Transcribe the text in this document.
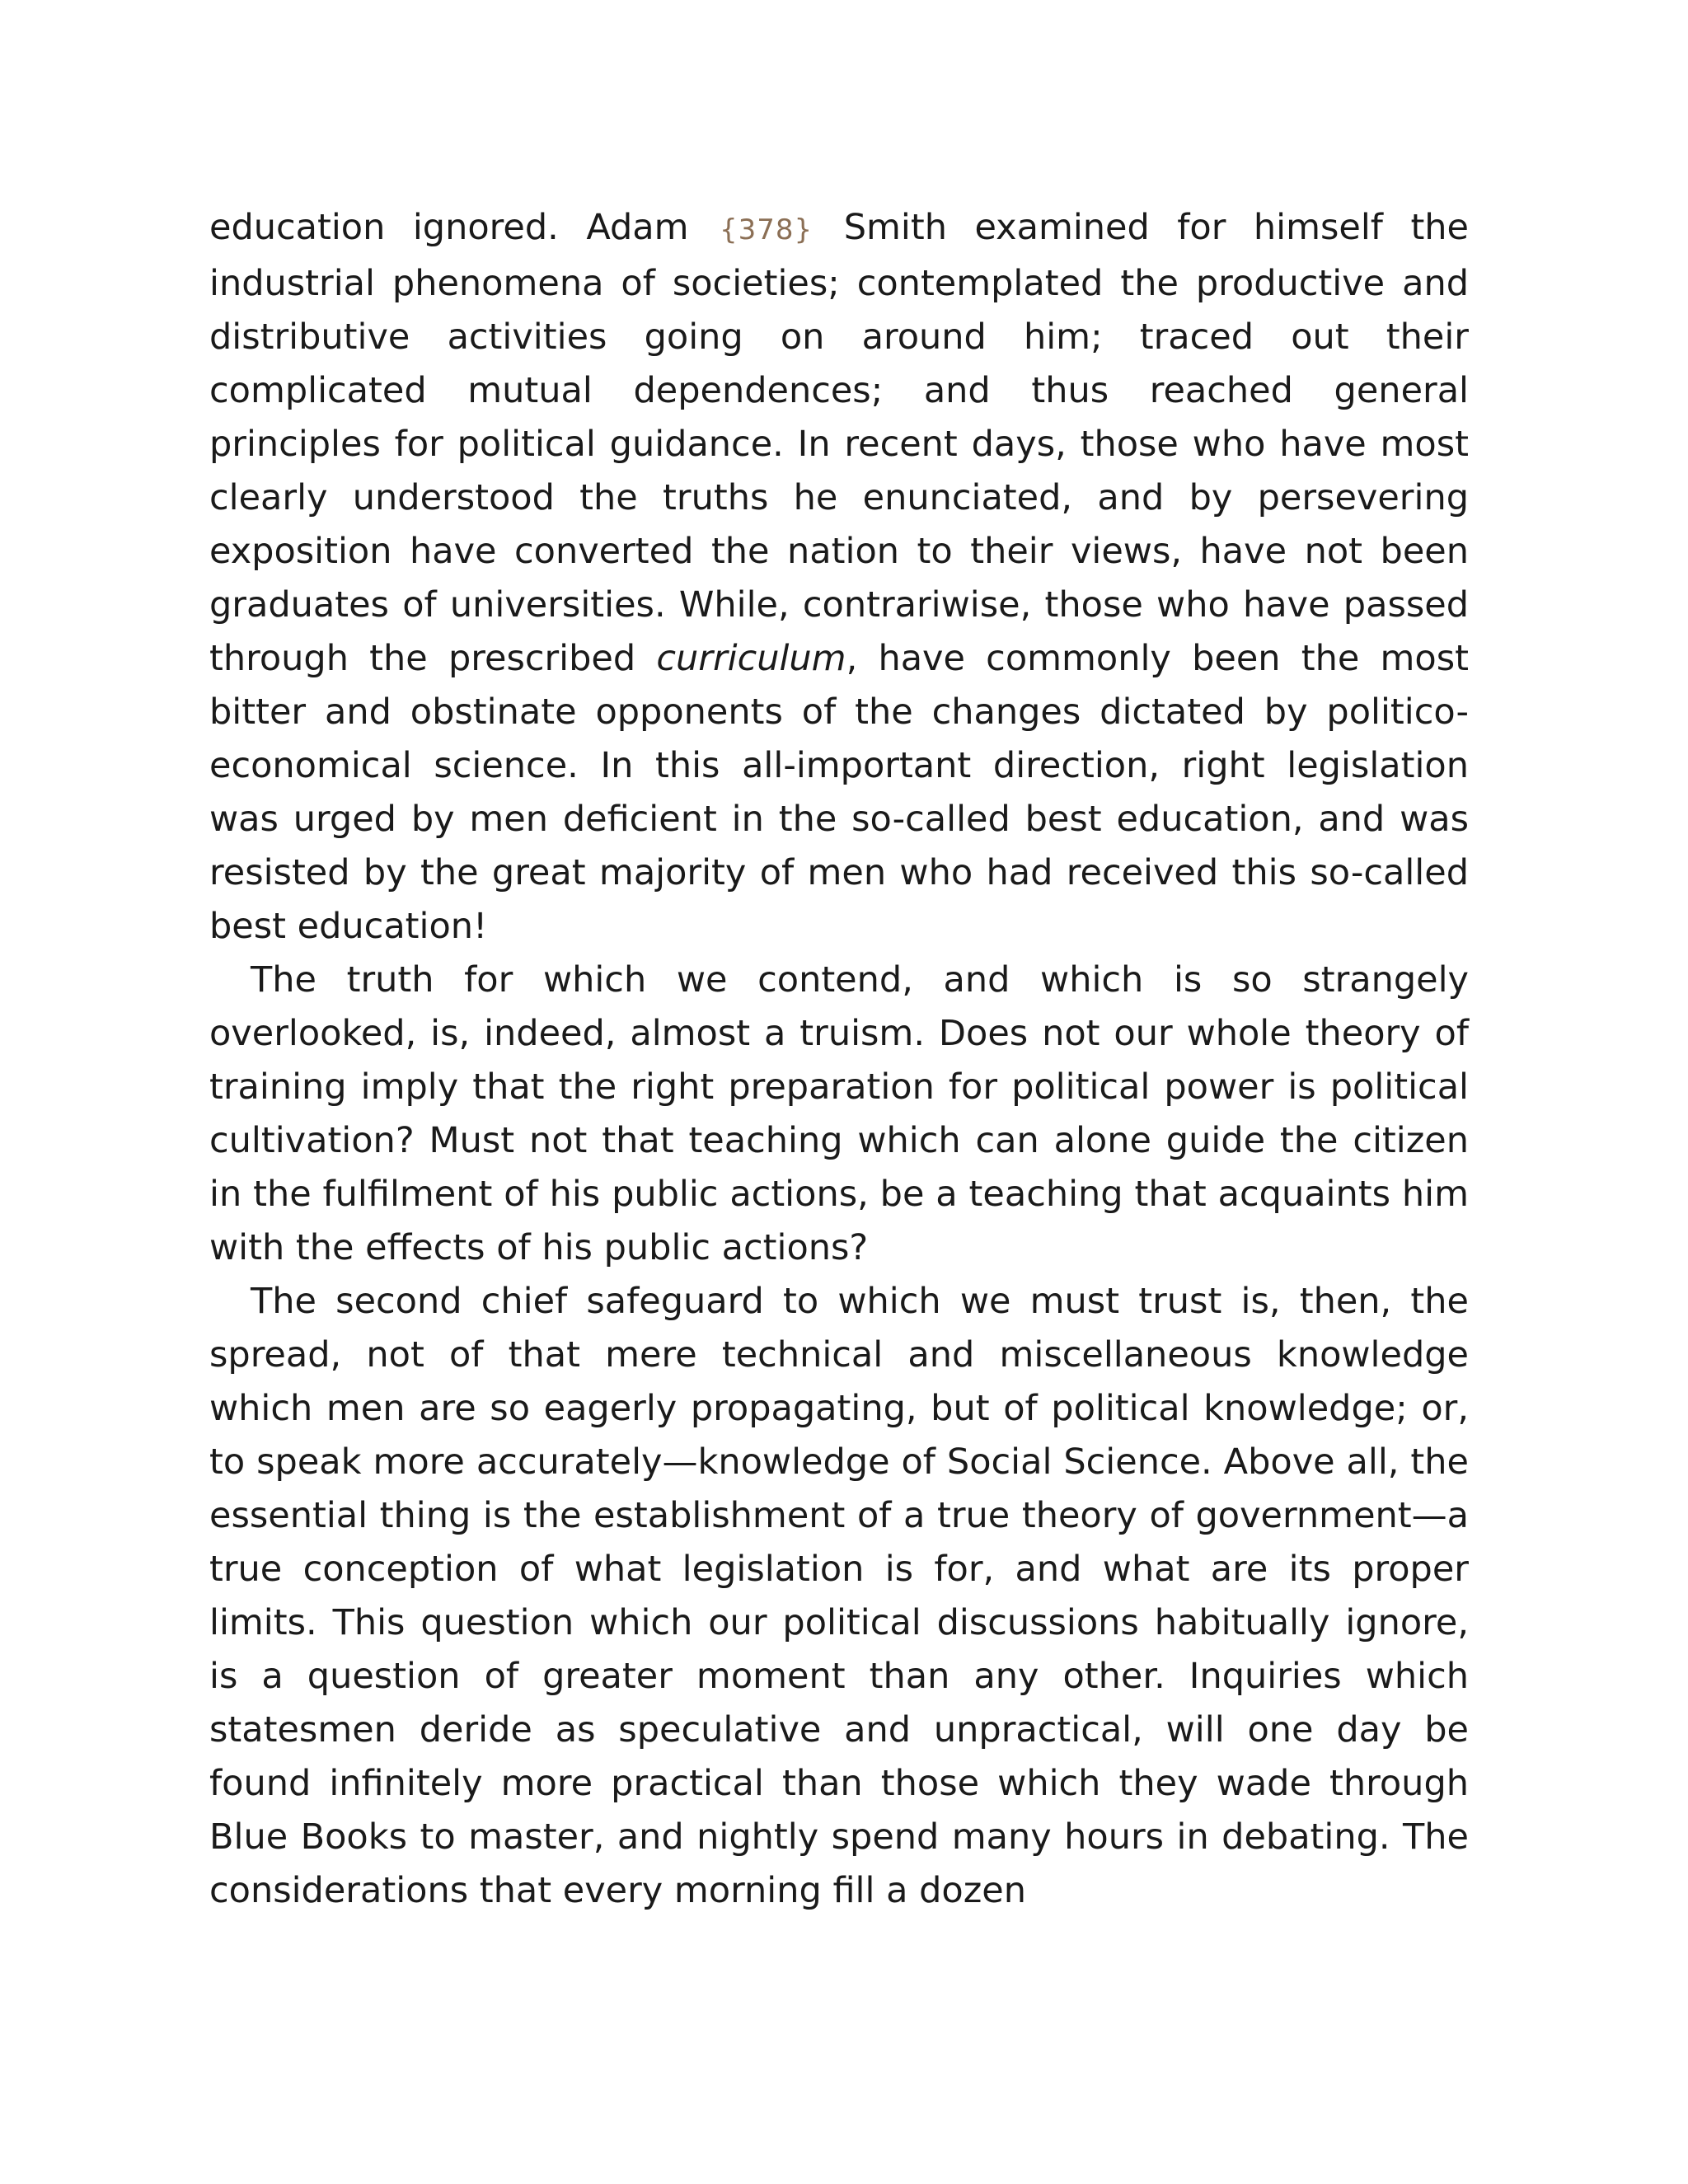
education ignored. Adam {378} Smith examined for himself the industrial phenomena of societies; contemplated the productive and distributive activities going on around him; traced out their complicated mutual dependences; and thus reached general principles for political guidance. In recent days, those who have most clearly understood the truths he enunciated, and by persevering exposition have converted the nation to their views, have not been graduates of universities. While, contrariwise, those who have passed through the prescribed curriculum, have commonly been the most bitter and obstinate opponents of the changes dictated by politico-economical science. In this all-important direction, right legislation was urged by men deficient in the so-called best education, and was resisted by the great majority of men who had received this so-called best education!

The truth for which we contend, and which is so strangely overlooked, is, indeed, almost a truism. Does not our whole theory of training imply that the right preparation for political power is political cultivation? Must not that teaching which can alone guide the citizen in the fulfilment of his public actions, be a teaching that acquaints him with the effects of his public actions?

The second chief safeguard to which we must trust is, then, the spread, not of that mere technical and miscellaneous knowledge which men are so eagerly propagating, but of political knowledge; or, to speak more accurately—knowledge of Social Science. Above all, the essential thing is the establishment of a true theory of government—a true conception of what legislation is for, and what are its proper limits. This question which our political discussions habitually ignore, is a question of greater moment than any other. Inquiries which statesmen deride as speculative and unpractical, will one day be found infinitely more practical than those which they wade through Blue Books to master, and nightly spend many hours in debating. The considerations that every morning fill a dozen
